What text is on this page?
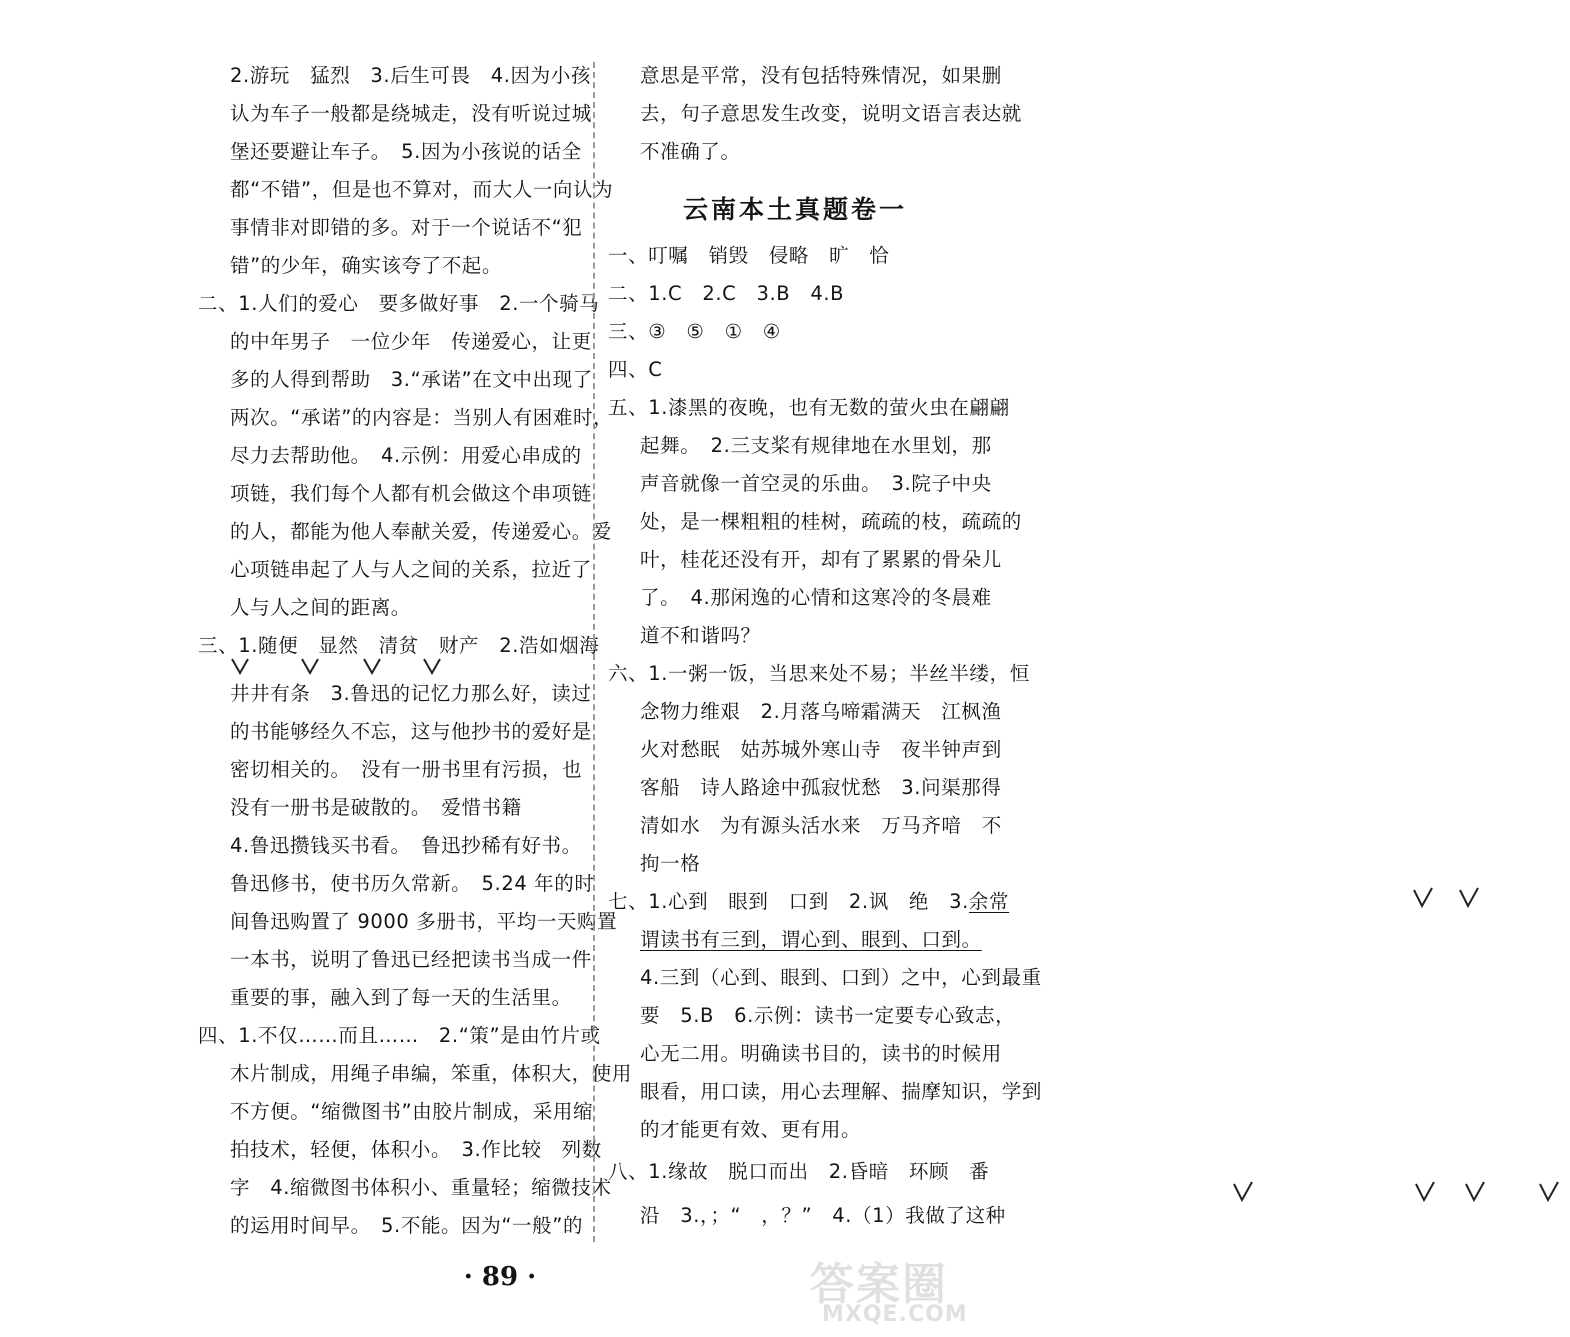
2.游玩　猛烈　3.后生可畏　4.因为小孩
认为车子一般都是绕城走，没有听说过城
堡还要避让车子。　5.因为小孩说的话全
都“不错”，但是也不算对，而大人一向认为
事情非对即错的多。对于一个说话不“犯
错”的少年，确实该夸了不起。
二、1.人们的爱心　要多做好事　2.一个骑马
的中年男子　一位少年　传递爱心，让更
多的人得到帮助　3.“承诺”在文中出现了
两次。“承诺”的内容是：当别人有困难时，
尽力去帮助他。　4.示例：用爱心串成的
项链，我们每个人都有机会做这个串项链
的人，都能为他人奉献关爱，传递爱心。爱
心项链串起了人与人之间的关系，拉近了
人与人之间的距离。
三、1.随便　显然　清贫　财产　2.浩如烟海
井井有条　3.鲁迅的记忆力那么好，读过
的书能够经久不忘，这与他抄书的爱好是
密切相关的。　没有一册书里有污损，也
没有一册书是破散的。　爱惜书籍
4.鲁迅攒钱买书看。　鲁迅抄稀有好书。
鲁迅修书，使书历久常新。　5.24 年的时
间鲁迅购置了 9000 多册书，平均一天购置
一本书，说明了鲁迅已经把读书当成一件
重要的事，融入到了每一天的生活里。
四、1.不仅……而且……　2.“策”是由竹片或
木片制成，用绳子串编，笨重，体积大，使用
不方便。“缩微图书”由胶片制成，采用缩
拍技术，轻便，体积小。　3.作比较　列数
字　4.缩微图书体积小、重量轻；缩微技术
的运用时间早。　5.不能。因为“一般”的
意思是平常，没有包括特殊情况，如果删
去，句子意思发生改变，说明文语言表达就
不准确了。
云南本土真题卷一
一、叮嘱　销毁　侵略　旷　恰
二、1.C　2.C　3.B　4.B
三、③　⑤　①　④
四、C
五、1.漆黑的夜晚，也有无数的萤火虫在翩翩
起舞。　2.三支桨有规律地在水里划，那
声音就像一首空灵的乐曲。　3.院子中央
处，是一棵粗粗的桂树，疏疏的枝，疏疏的
叶，桂花还没有开，却有了累累的骨朵儿
了。　4.那闲逸的心情和这寒冷的冬晨难
道不和谐吗？
六、1.一粥一饭，当思来处不易；半丝半缕，恒
念物力维艰　2.月落乌啼霜满天　江枫渔
火对愁眠　姑苏城外寒山寺　夜半钟声到
客船　诗人路途中孤寂忧愁　3.问渠那得
清如水　为有源头活水来　万马齐喑　不
拘一格
七、1.心到　眼到　口到　2.讽　绝　3.余常
谓读书有三到，谓心到、眼到、口到。
4.三到（心到、眼到、口到）之中，心到最重
要　5.B　6.示例：读书一定要专心致志，
心无二用。明确读书目的，读书的时候用
眼看，用口读，用心去理解、揣摩知识，学到
的才能更有效、更有用。
八、1.缘故　脱口而出　2.昏暗　环顾　番
沿　3.，；“　，？”　4.（1）我做了这种
· 89 ·	答案圈
MXQE.COM
